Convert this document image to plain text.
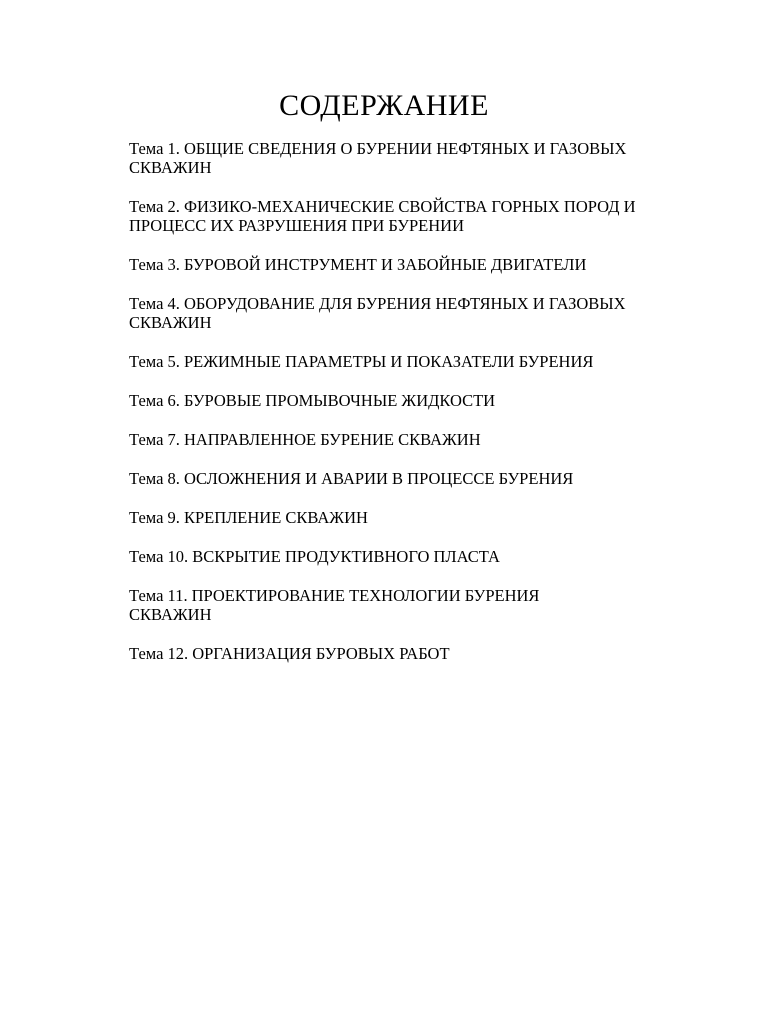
СОДЕРЖАНИЕ
Тема 1. ОБЩИЕ СВЕДЕНИЯ О БУРЕНИИ НЕФТЯНЫХ И ГАЗОВЫХ
СКВАЖИН
Тема 2. ФИЗИКО-МЕХАНИЧЕСКИЕ СВОЙСТВА ГОРНЫХ ПОРОД И
ПРОЦЕСС ИХ РАЗРУШЕНИЯ ПРИ БУРЕНИИ
Тема 3. БУРОВОЙ ИНСТРУМЕНТ И ЗАБОЙНЫЕ ДВИГАТЕЛИ
Тема 4. ОБОРУДОВАНИЕ ДЛЯ БУРЕНИЯ НЕФТЯНЫХ И ГАЗОВЫХ
СКВАЖИН
Тема 5. РЕЖИМНЫЕ ПАРАМЕТРЫ И ПОКАЗАТЕЛИ БУРЕНИЯ
Тема 6. БУРОВЫЕ ПРОМЫВОЧНЫЕ ЖИДКОСТИ
Тема 7. НАПРАВЛЕННОЕ БУРЕНИЕ СКВАЖИН
Тема 8. ОСЛОЖНЕНИЯ И АВАРИИ В ПРОЦЕССЕ БУРЕНИЯ
Тема 9. КРЕПЛЕНИЕ СКВАЖИН
Тема 10. ВСКРЫТИЕ ПРОДУКТИВНОГО ПЛАСТА
Тема 11. ПРОЕКТИРОВАНИЕ ТЕХНОЛОГИИ БУРЕНИЯ
СКВАЖИН
Тема 12. ОРГАНИЗАЦИЯ БУРОВЫХ РАБОТ
